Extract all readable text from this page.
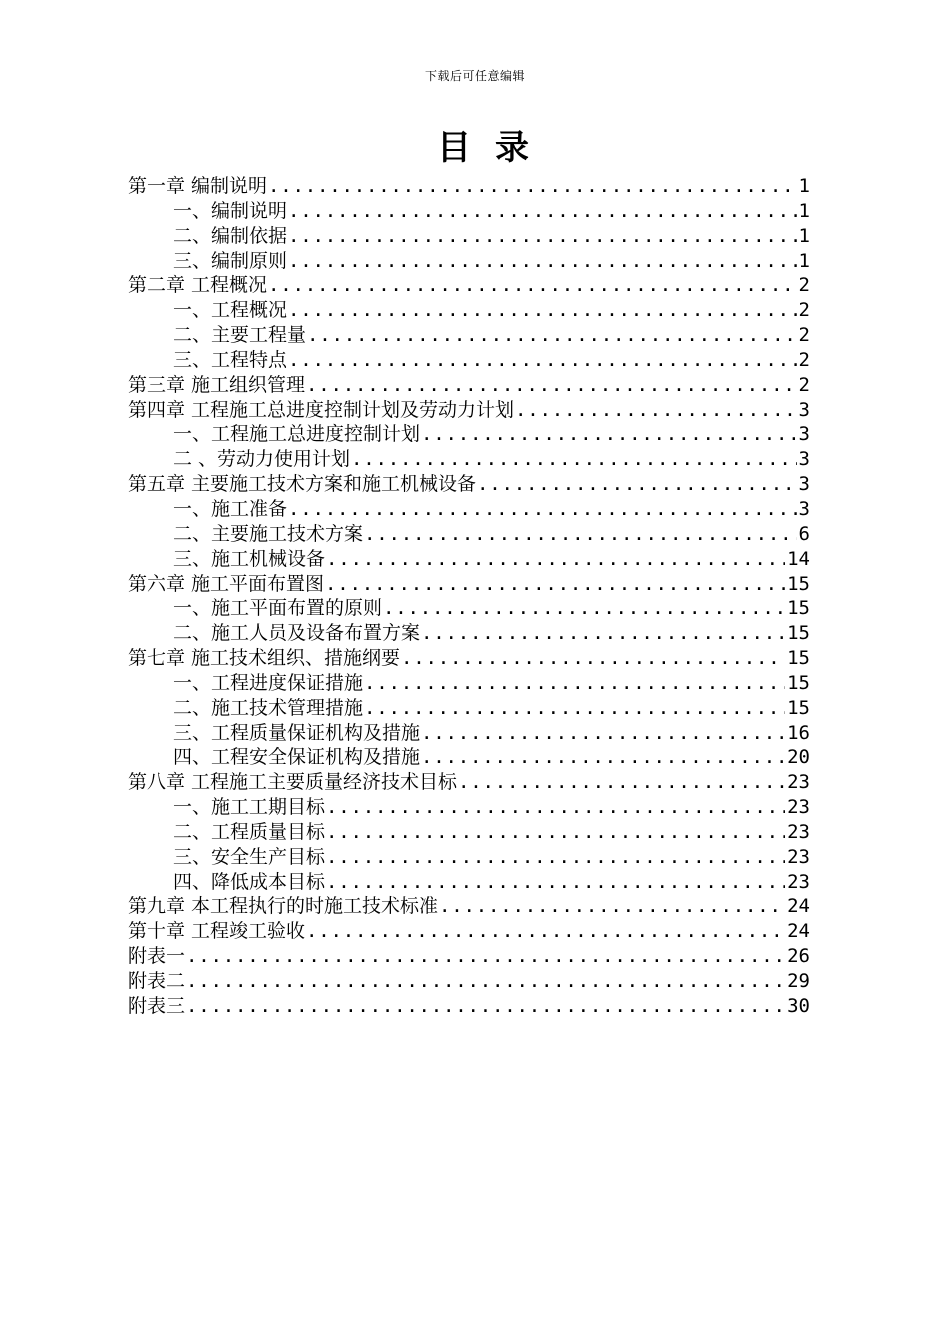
下载后可任意编辑
目录
第一章 编制说明 .....	1
一、编制说明 .....	1
二、编制依据 .....	1
三、编制原则 .....	1
第二章 工程概况 .....	2
一、工程概况 .....	2
二、主要工程量 .....	2
三、工程特点 .....	2
第三章 施工组织管理 .....	2
第四章 工程施工总进度控制计划及劳动力计划 .....	3
一、工程施工总进度控制计划 .....	3
二 、劳动力使用计划 .....	3
第五章 主要施工技术方案和施工机械设备 .....	3
一、施工准备 .....	3
二、主要施工技术方案 .....	6
三、施工机械设备 .....	14
第六章 施工平面布置图 .....	15
一、施工平面布置的原则 .....	15
二、施工人员及设备布置方案 .....	15
第七章 施工技术组织、措施纲要 .....	15
一、工程进度保证措施 .....	15
二、施工技术管理措施 .....	15
三、工程质量保证机构及措施 .....	16
四、工程安全保证机构及措施 .....	20
第八章 工程施工主要质量经济技术目标 .....	23
一、施工工期目标 .....	23
二、工程质量目标 .....	23
三、安全生产目标 .....	23
四、降低成本目标 .....	23
第九章 本工程执行的时施工技术标准 .....	24
第十章 工程竣工验收 .....	24
附表一 .....	26
附表二 .....	29
附表三 .....	30
